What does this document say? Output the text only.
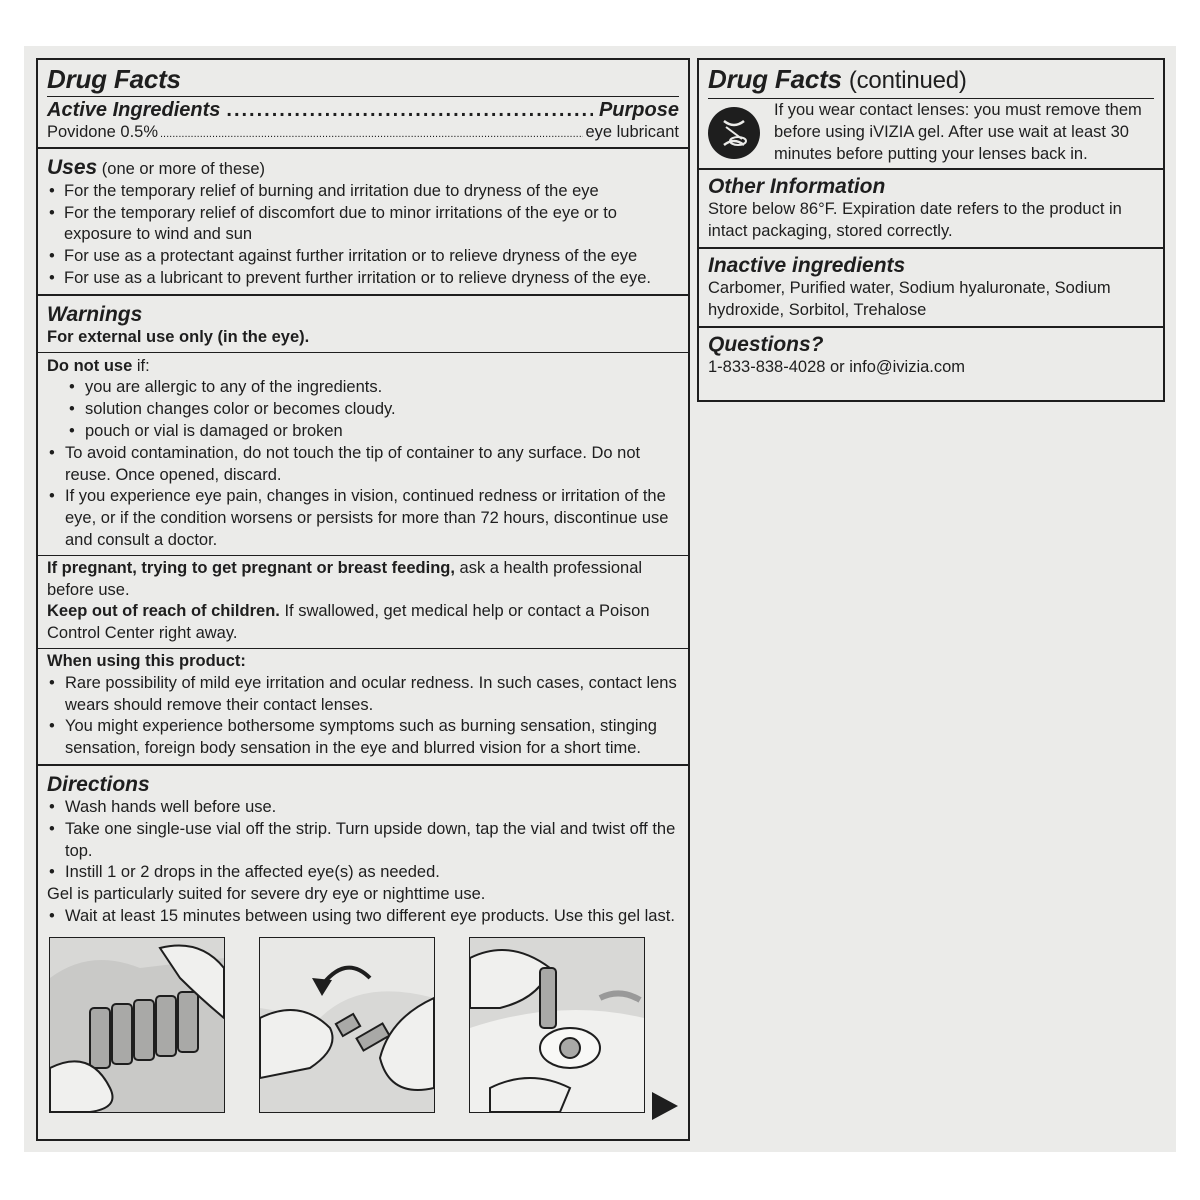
Drug Facts
Active Ingredients .....	Purpose
Povidone 0.5% .....	eye lubricant
Uses (one or more of these)
• For the temporary relief of burning and irritation due to dryness of the eye
• For the temporary relief of discomfort due to minor irritations of the eye or to exposure to wind and sun
• For use as a protectant against further irritation or to relieve dryness of the eye
• For use as a lubricant to prevent further irritation or to relieve dryness of the eye.
Warnings
For external use only (in the eye).
Do not use if:
• you are allergic to any of the ingredients.
• solution changes color or becomes cloudy.
• pouch or vial is damaged or broken
• To avoid contamination, do not touch the tip of container to any surface. Do not reuse. Once opened, discard.
• If you experience eye pain, changes in vision, continued redness or irritation of the eye, or if the condition worsens or persists for more than 72 hours, discontinue use and consult a doctor.
If pregnant, trying to get pregnant or breast feeding, ask a health professional before use.
Keep out of reach of children. If swallowed, get medical help or contact a Poison Control Center right away.
When using this product:
• Rare possibility of mild eye irritation and ocular redness. In such cases, contact lens wears should remove their contact lenses.
• You might experience bothersome symptoms such as burning sensation, stinging sensation, foreign body sensation in the eye and blurred vision for a short time.
Directions
• Wash hands well before use.
• Take one single-use vial off the strip. Turn upside down, tap the vial and twist off the top.
• Instill 1 or 2 drops in the affected eye(s) as needed.
Gel is particularly suited for severe dry eye or nighttime use.
• Wait at least 15 minutes between using two different eye products. Use this gel last.
Drug Facts (continued)
If you wear contact lenses: you must remove them before using iVIZIA gel. After use wait at least 30 minutes before putting your lenses back in.
Other Information
Store below 86°F. Expiration date refers to the product in intact packaging, stored correctly.
Inactive ingredients
Carbomer, Purified water, Sodium hyaluronate, Sodium hydroxide, Sorbitol, Trehalose
Questions?
1-833-838-4028 or info@ivizia.com
